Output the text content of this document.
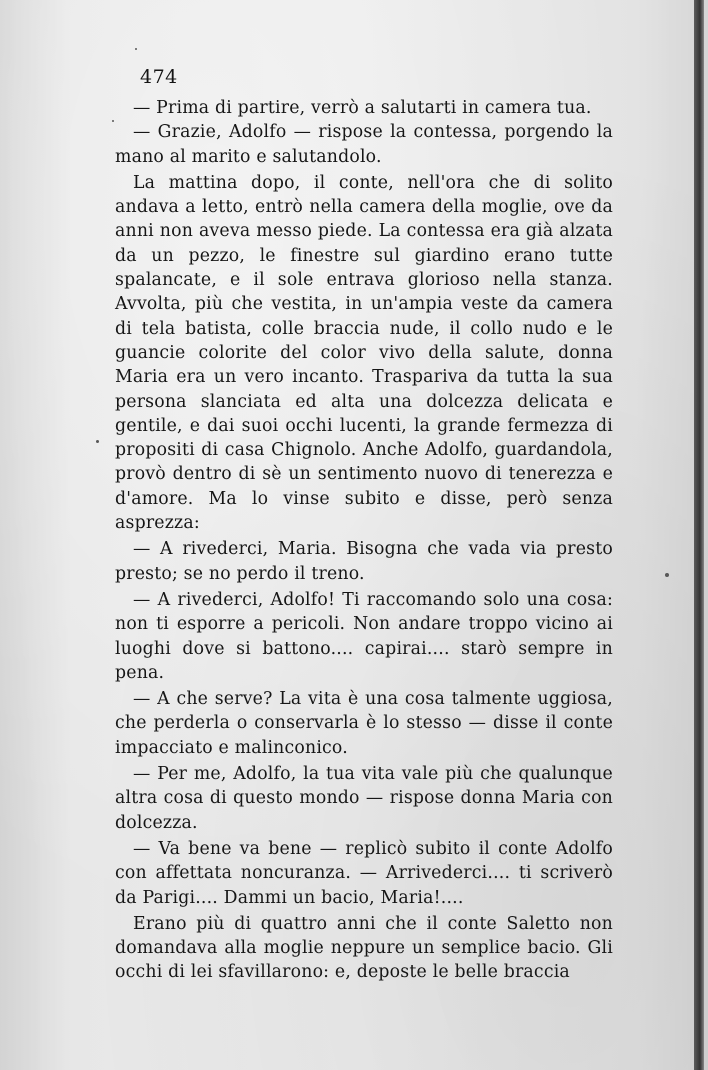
474

— Prima di partire, verrò a salutarti in camera tua.

— Grazie, Adolfo — rispose la contessa, porgendo la mano al marito e salutandolo.

La mattina dopo, il conte, nell'ora che di solito andava a letto, entrò nella camera della moglie, ove da anni non aveva messo piede. La contessa era già alzata da un pezzo, le finestre sul giardino erano tutte spalancate, e il sole entrava glorioso nella stanza. Avvolta, più che vestita, in un'ampia veste da camera di tela batista, colle braccia nude, il collo nudo e le guancie colorite del color vivo della salute, donna Maria era un vero incanto. Traspariva da tutta la sua persona slanciata ed alta una dolcezza delicata e gentile, e dai suoi occhi lucenti, la grande fermezza di propositi di casa Chignolo. Anche Adolfo, guardandola, provò dentro di sè un sentimento nuovo di tenerezza e d'amore. Ma lo vinse subito e disse, però senza asprezza:

— A rivederci, Maria. Bisogna che vada via presto presto; se no perdo il treno.

— A rivederci, Adolfo! Ti raccomando solo una cosa: non ti esporre a pericoli. Non andare troppo vicino ai luoghi dove si battono.... capirai.... starò sempre in pena.

— A che serve? La vita è una cosa talmente uggiosa, che perderla o conservarla è lo stesso — disse il conte impacciato e malinconico.

— Per me, Adolfo, la tua vita vale più che qualunque altra cosa di questo mondo — rispose donna Maria con dolcezza.

— Va bene va bene — replicò subito il conte Adolfo con affettata noncuranza. — Arrivederci.... ti scriverò da Parigi.... Dammi un bacio, Maria!....

Erano più di quattro anni che il conte Saletto non domandava alla moglie neppure un semplice bacio. Gli occhi di lei sfavillarono: e, deposte le belle braccia
